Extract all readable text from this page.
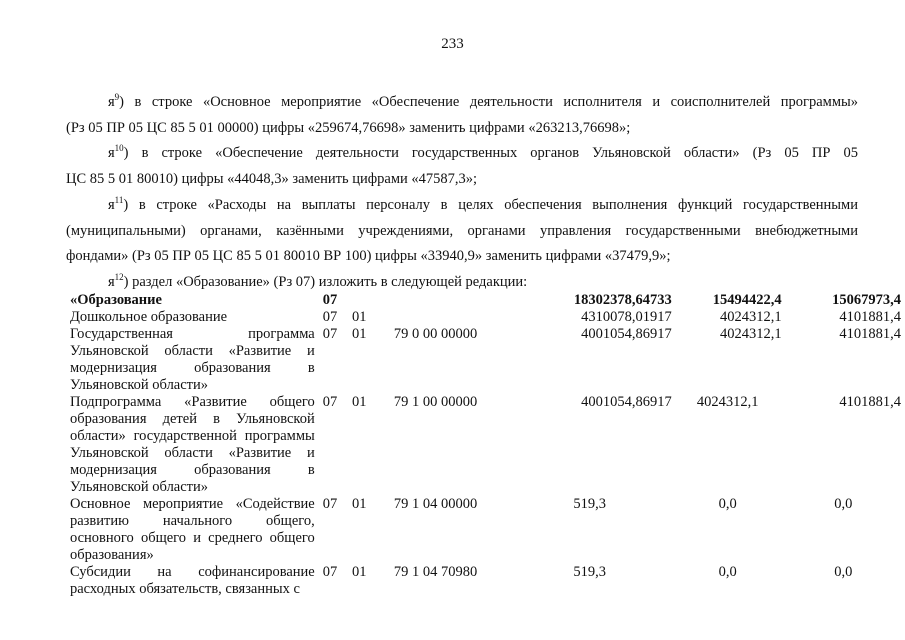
233
$я^9$) в строке «Основное мероприятие «Обеспечение деятельности исполнителя и соисполнителей программы»
(Рз 05 ПР 05 ЦС 85 5 01 00000) цифры «259674,76698» заменить цифрами «263213,76698»;
$я^{10}$) в строке «Обеспечение деятельности государственных органов Ульяновской области» (Рз 05 ПР 05
ЦС 85 5 01 80010) цифры «44048,3» заменить цифрами «47587,3»;
$я^{11}$) в строке «Расходы на выплаты персоналу в целях обеспечения выполнения функций государственными
(муниципальными) органами, казёнными учреждениями, органами управления государственными внебюджетными
фондами» (Рз 05 ПР 05 ЦС 85 5 01 80010 ВР 100) цифры «33940,9» заменить цифрами «37479,9»;
$я^{12}$) раздел «Образование» (Рз 07) изложить в следующей редакции:
«Образование	07			18302378,64733	15494422,4	15067973,4
Дошкольное образование	07	01		4310078,01917	4024312,1	4101881,4
Государственная программа Ульяновской области «Развитие и модернизация образования в Ульяновской области»	07	01	79 0 00 00000	4001054,86917	4024312,1	4101881,4
Подпрограмма «Развитие общего образования детей в Ульяновской области» государственной программы Ульяновской области «Развитие и модернизация образования в Ульяновской области»	07	01	79 1 00 00000	4001054,86917	4024312,1	4101881,4
Основное мероприятие «Содействие развитию начального общего, основного общего и среднего общего образования»	07	01	79 1 04 00000	519,3	0,0	0,0
Субсидии на софинансирование расходных обязательств, связанных с	07	01	79 1 04 70980	519,3	0,0	0,0
